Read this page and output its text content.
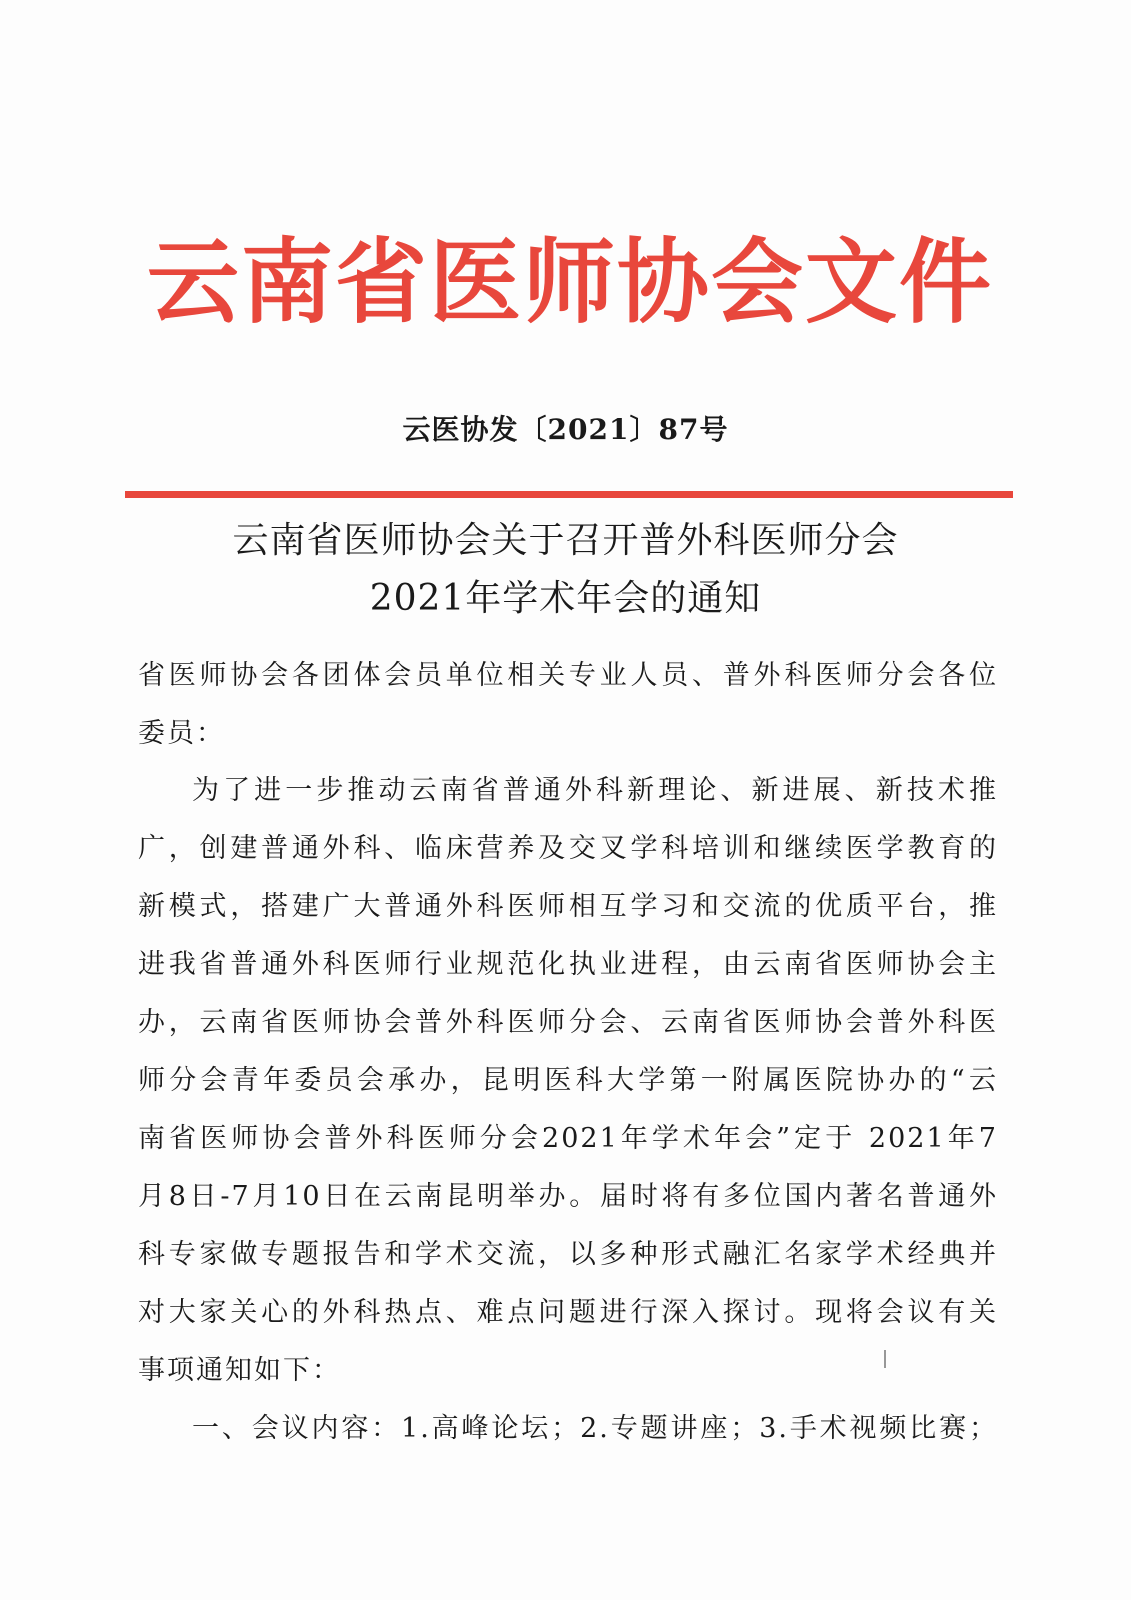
云南省医师协会文件
云医协发〔2021〕87号
云南省医师协会关于召开普外科医师分会
2021年学术年会的通知
省医师协会各团体会员单位相关专业人员、普外科医师分会各位
委员：
为了进一步推动云南省普通外科新理论、新进展、新技术推
广，创建普通外科、临床营养及交叉学科培训和继续医学教育的
新模式，搭建广大普通外科医师相互学习和交流的优质平台，推
进我省普通外科医师行业规范化执业进程，由云南省医师协会主
办，云南省医师协会普外科医师分会、云南省医师协会普外科医
师分会青年委员会承办，昆明医科大学第一附属医院协办的“云
南省医师协会普外科医师分会2021年学术年会”定于 2021年7
月8日-7月10日在云南昆明举办。届时将有多位国内著名普通外
科专家做专题报告和学术交流，以多种形式融汇名家学术经典并
对大家关心的外科热点、难点问题进行深入探讨。现将会议有关
事项通知如下：
一、会议内容：1.高峰论坛；2.专题讲座；3.手术视频比赛；
